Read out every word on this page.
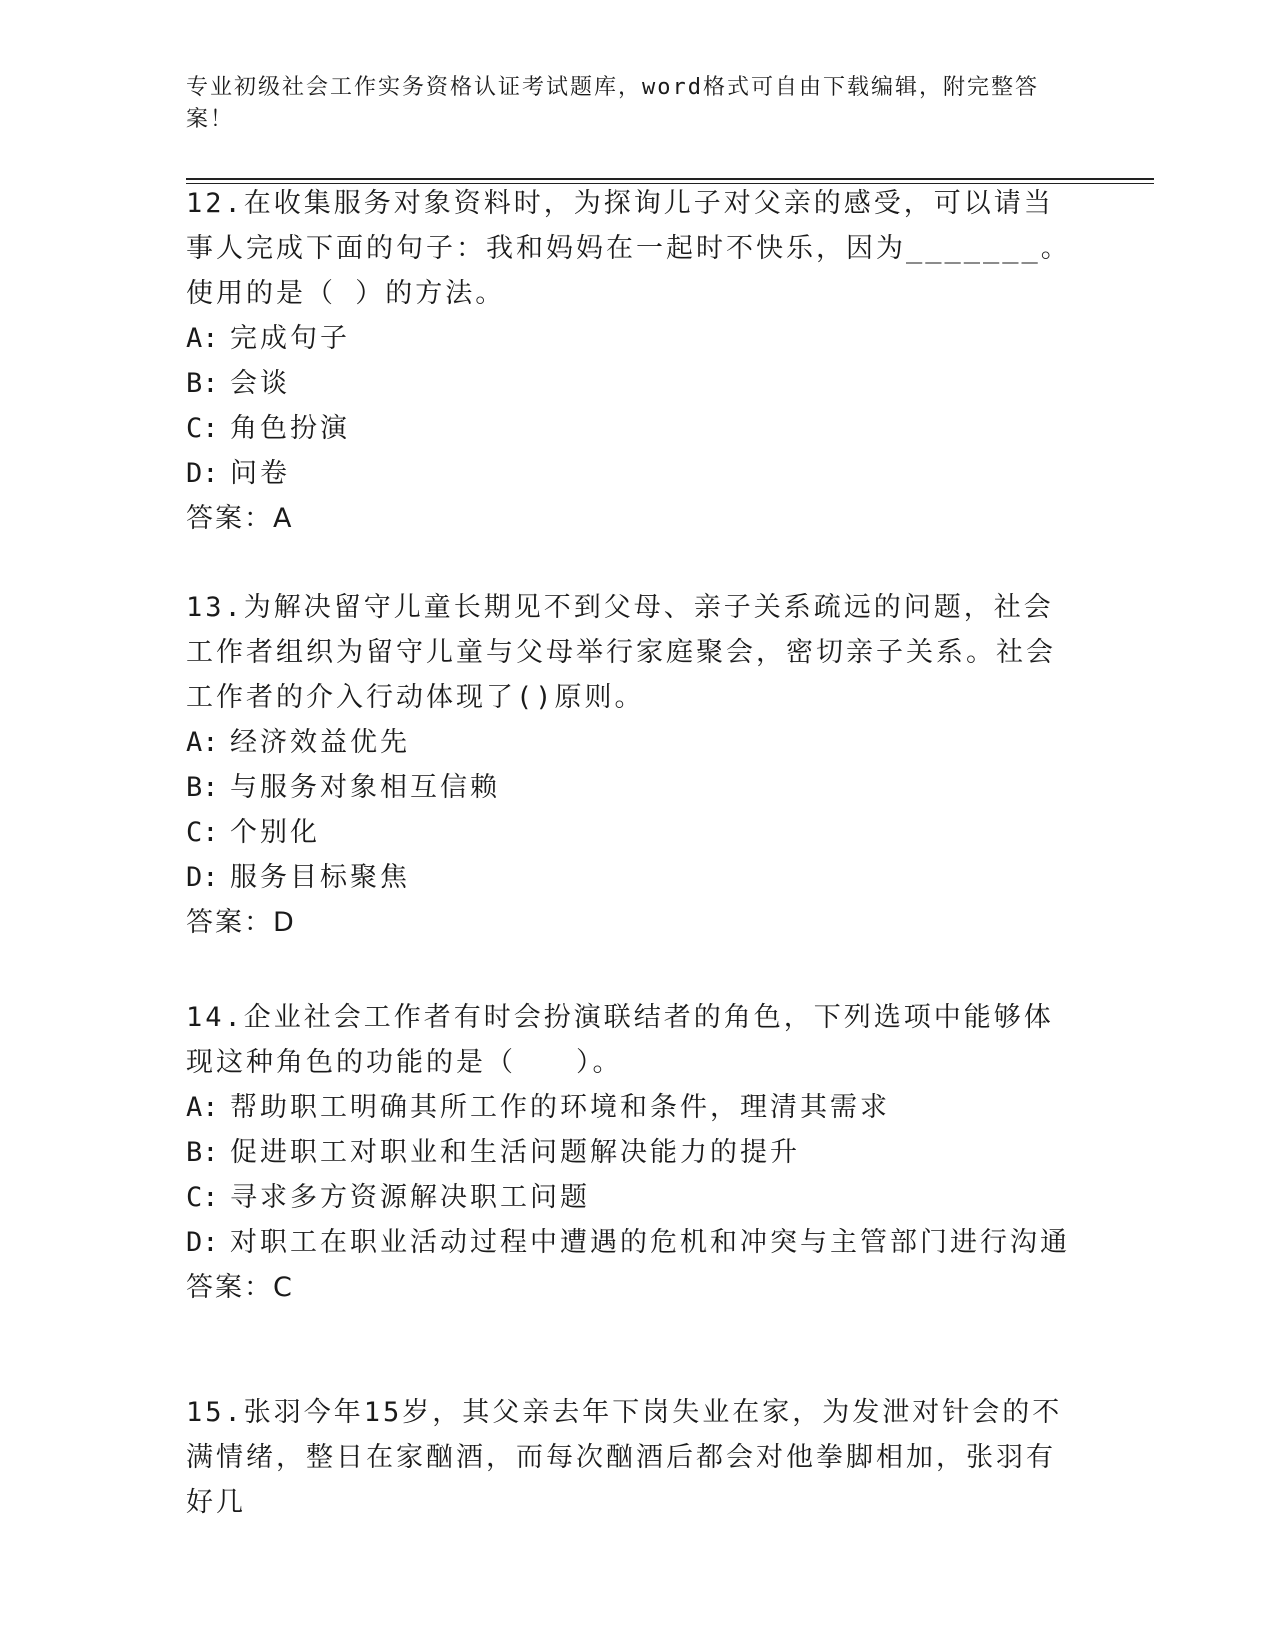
专业初级社会工作实务资格认证考试题库，word格式可自由下载编辑，附完整答案！

12.在收集服务对象资料时，为探询儿子对父亲的感受，可以请当事人完成下面的句子：我和妈妈在一起时不快乐，因为_______。使用的是（ ）的方法。

A: 完成句子

B: 会谈

C: 角色扮演

D: 问卷

答案：A

13.为解决留守儿童长期见不到父母、亲子关系疏远的问题，社会工作者组织为留守儿童与父母举行家庭聚会，密切亲子关系。社会工作者的介入行动体现了()原则。

A: 经济效益优先

B: 与服务对象相互信赖

C: 个别化

D: 服务目标聚焦

答案：D

14.企业社会工作者有时会扮演联结者的角色，下列选项中能够体现这种角色的功能的是（　　）。

A: 帮助职工明确其所工作的环境和条件，理清其需求

B: 促进职工对职业和生活问题解决能力的提升

C: 寻求多方资源解决职工问题

D: 对职工在职业活动过程中遭遇的危机和冲突与主管部门进行沟通

答案：C

15.张羽今年15岁，其父亲去年下岗失业在家，为发泄对针会的不满情绪，整日在家酗酒，而每次酗酒后都会对他拳脚相加，张羽有好几
